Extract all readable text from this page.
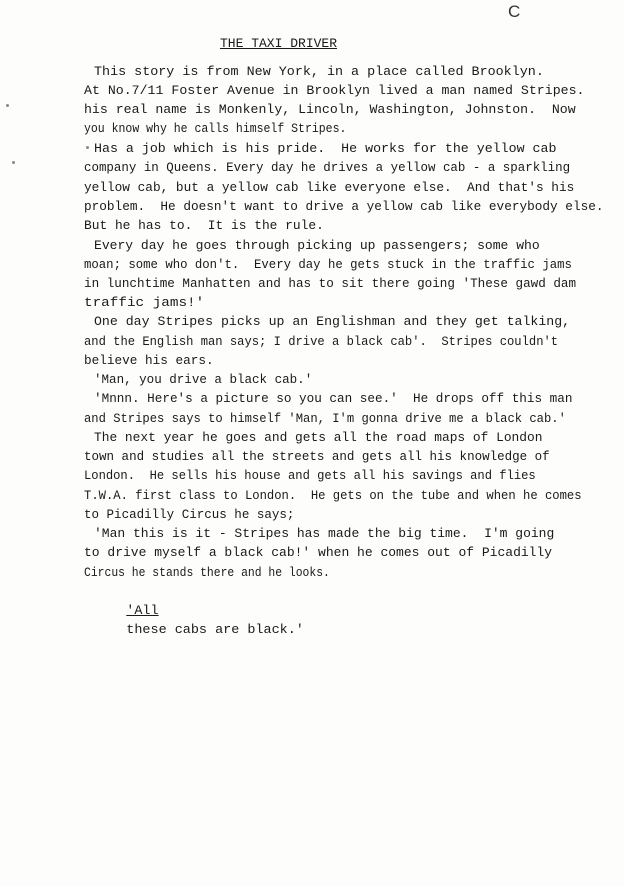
C
THE TAXI DRIVER
This story is from New York, in a place called Brooklyn.
At No.7/11 Foster Avenue in Brooklyn lived a man named Stripes.
his real name is Monkenly, Lincoln, Washington, Johnston.  Now
you know why he calls himself Stripes.
Has a job which is his pride.  He works for the yellow cab
company in Queens. Every day he drives a yellow cab - a sparkling
yellow cab, but a yellow cab like everyone else.  And that's his
problem.  He doesn't want to drive a yellow cab like everybody else.
But he has to.  It is the rule.
Every day he goes through picking up passengers; some who
moan; some who don't.  Every day he gets stuck in the traffic jams
in lunchtime Manhatten and has to sit there going 'These gawd dam
traffic jams!'
One day Stripes picks up an Englishman and they get talking,
and the English man says; I drive a black cab'.  Stripes couldn't
believe his ears.
'Man, you drive a black cab.'
'Mnnn. Here's a picture so you can see.'  He drops off this man
and Stripes says to himself 'Man, I'm gonna drive me a black cab.'
The next year he goes and gets all the road maps of London
town and studies all the streets and gets all his knowledge of
London.  He sells his house and gets all his savings and flies
T.W.A. first class to London.  He gets on the tube and when he comes
to Picadilly Circus he says;
'Man this is it - Stripes has made the big time.  I'm going
to drive myself a black cab!' when he comes out of Picadilly
Circus he stands there and he looks.

'All
these cabs are black.'
